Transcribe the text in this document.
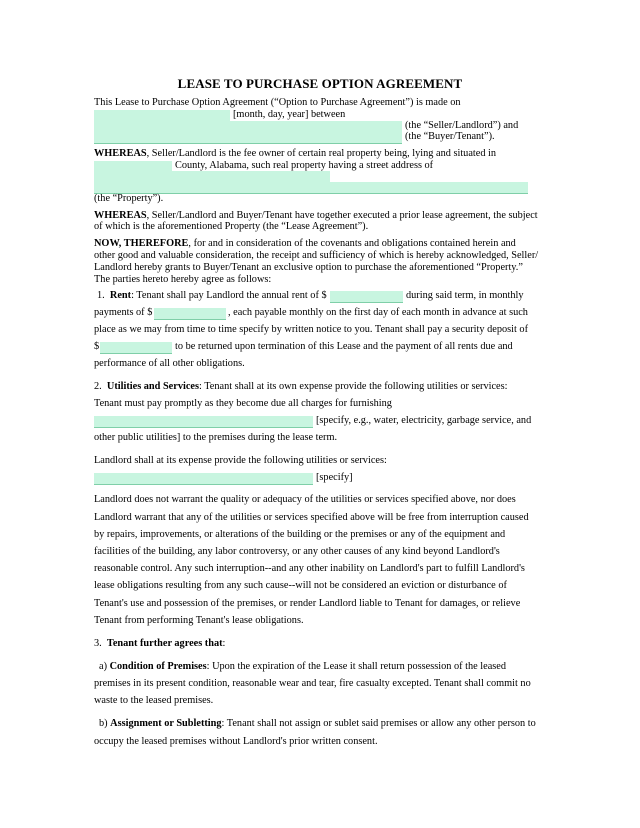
LEASE TO PURCHASE OPTION AGREEMENT
This Lease to Purchase Option Agreement (“Option to Purchase Agreement”) is made on
[month, day, year] between
(the “Seller/Landlord”) and
(the “Buyer/Tenant”).
WHEREAS, Seller/Landlord is the fee owner of certain real property being, lying and situated in
County, Alabama, such real property having a street address of
(the “Property”).
WHEREAS, Seller/Landlord and Buyer/Tenant have together executed a prior lease agreement, the subject
of which is the aforementioned Property (the “Lease Agreement”).
NOW, THEREFORE, for and in consideration of the covenants and obligations contained herein and
other good and valuable consideration, the receipt and sufficiency of which is hereby acknowledged, Seller/
Landlord hereby grants to Buyer/Tenant an exclusive option to purchase the aforementioned “Property.”
The parties hereto hereby agree as follows:
1. Rent: Tenant shall pay Landlord the annual rent of $	during said term, in monthly
payments of $	, each payable monthly on the first day of each month in advance at such
place as we may from time to time specify by written notice to you. Tenant shall pay a security deposit of
$	to be returned upon termination of this Lease and the payment of all rents due and
performance of all other obligations.
2. Utilities and Services: Tenant shall at its own expense provide the following utilities or services:
Tenant must pay promptly as they become due all charges for furnishing
[specify, e.g., water, electricity, garbage service, and
other public utilities] to the premises during the lease term.
Landlord shall at its expense provide the following utilities or services:
[specify]
Landlord does not warrant the quality or adequacy of the utilities or services specified above, nor does
Landlord warrant that any of the utilities or services specified above will be free from interruption caused
by repairs, improvements, or alterations of the building or the premises or any of the equipment and
facilities of the building, any labor controversy, or any other causes of any kind beyond Landlord's
reasonable control. Any such interruption--and any other inability on Landlord's part to fulfill Landlord's
lease obligations resulting from any such cause--will not be considered an eviction or disturbance of
Tenant's use and possession of the premises, or render Landlord liable to Tenant for damages, or relieve
Tenant from performing Tenant's lease obligations.
3. Tenant further agrees that:
a) Condition of Premises: Upon the expiration of the Lease it shall return possession of the leased
premises in its present condition, reasonable wear and tear, fire casualty excepted. Tenant shall commit no
waste to the leased premises.
b) Assignment or Subletting: Tenant shall not assign or sublet said premises or allow any other person to
occupy the leased premises without Landlord's prior written consent.
